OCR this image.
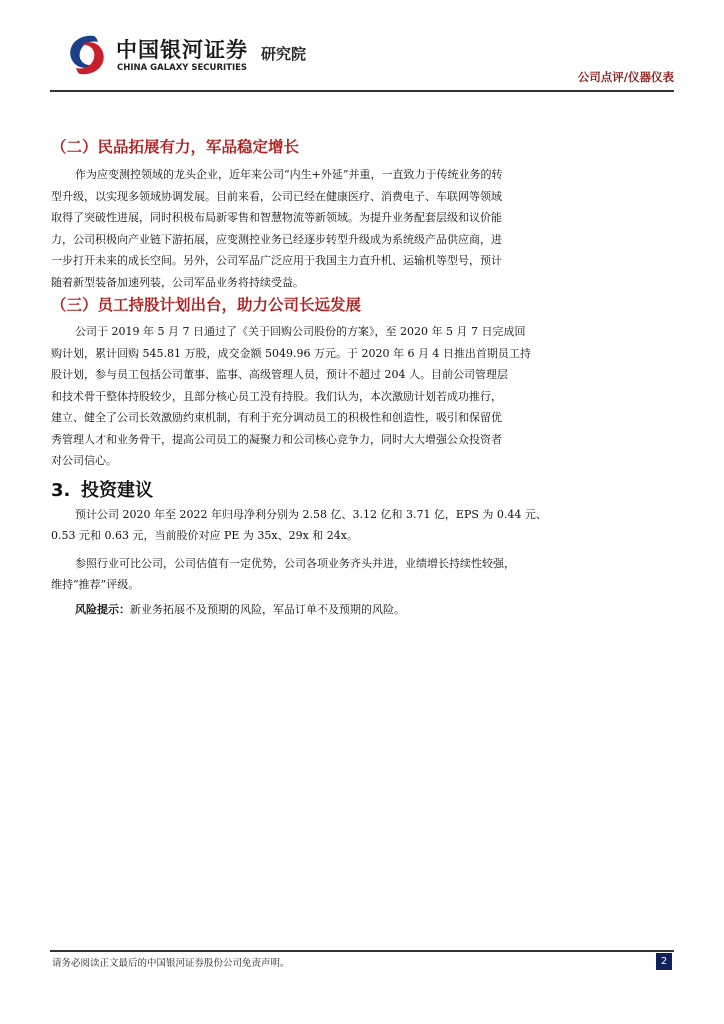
中国银河证券
CHINA GALAXY SECURITIES
研究院
公司点评/仪器仪表
（二）民品拓展有力，军品稳定增长

作为应变测控领域的龙头企业，近年来公司“内生+外延”并重，一直致力于传统业务的转
型升级，以实现多领域协调发展。目前来看，公司已经在健康医疗、消费电子、车联网等领域
取得了突破性进展，同时积极布局新零售和智慧物流等新领域。为提升业务配套层级和议价能
力，公司积极向产业链下游拓展，应变测控业务已经逐步转型升级成为系统级产品供应商，进
一步打开未来的成长空间。另外，公司军品广泛应用于我国主力直升机、运输机等型号，预计
随着新型装备加速列装，公司军品业务将持续受益。

（三）员工持股计划出台，助力公司长远发展

公司于 2019 年 5 月 7 日通过了《关于回购公司股份的方案》，至 2020 年 5 月 7 日完成回
购计划，累计回购 545.81 万股，成交金额 5049.96 万元。于 2020 年 6 月 4 日推出首期员工持
股计划，参与员工包括公司董事、监事、高级管理人员，预计不超过 204 人。目前公司管理层
和技术骨干整体持股较少，且部分核心员工没有持股。我们认为，本次激励计划若成功推行，
建立、健全了公司长效激励约束机制，有利于充分调动员工的积极性和创造性，吸引和保留优
秀管理人才和业务骨干，提高公司员工的凝聚力和公司核心竞争力，同时大大增强公众投资者
对公司信心。

3. 投资建议

预计公司 2020 年至 2022 年归母净利分别为 2.58 亿、3.12 亿和 3.71 亿，EPS 为 0.44 元、
0.53 元和 0.63 元，当前股价对应 PE 为 35x、29x 和 24x。

参照行业可比公司，公司估值有一定优势，公司各项业务齐头并进，业绩增长持续性较强，
维持“推荐”评级。

风险提示：新业务拓展不及预期的风险，军品订单不及预期的风险。

请务必阅读正文最后的中国银河证券股份公司免责声明。	2
